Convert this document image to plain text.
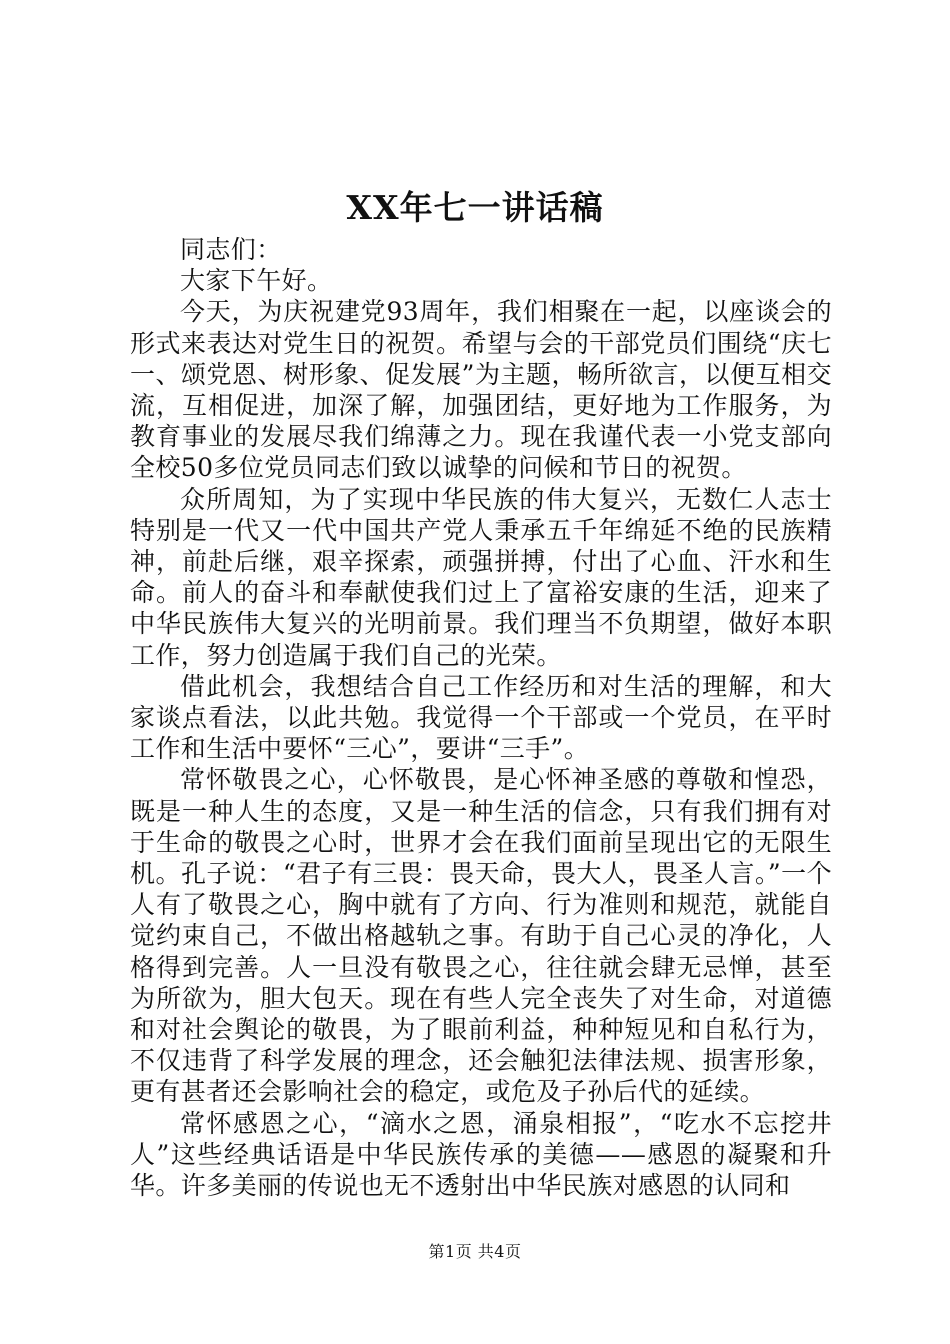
XX年七一讲话稿

同志们：

大家下午好。

今天，为庆祝建党93周年，我们相聚在一起，以座谈会的形式来表达对党生日的祝贺。希望与会的干部党员们围绕“庆七一、颂党恩、树形象、促发展”为主题，畅所欲言，以便互相交流，互相促进，加深了解，加强团结，更好地为工作服务，为教育事业的发展尽我们绵薄之力。现在我谨代表一小党支部向全校50多位党员同志们致以诚挚的问候和节日的祝贺。

众所周知，为了实现中华民族的伟大复兴，无数仁人志士特别是一代又一代中国共产党人秉承五千年绵延不绝的民族精神，前赴后继，艰辛探索，顽强拼搏，付出了心血、汗水和生命。前人的奋斗和奉献使我们过上了富裕安康的生活，迎来了中华民族伟大复兴的光明前景。我们理当不负期望，做好本职工作，努力创造属于我们自己的光荣。

借此机会，我想结合自己工作经历和对生活的理解，和大家谈点看法，以此共勉。我觉得一个干部或一个党员，在平时工作和生活中要怀“三心”，要讲“三手”。

常怀敬畏之心，心怀敬畏，是心怀神圣感的尊敬和惶恐，既是一种人生的态度，又是一种生活的信念，只有我们拥有对于生命的敬畏之心时，世界才会在我们面前呈现出它的无限生机。孔子说：“君子有三畏：畏天命，畏大人，畏圣人言。”一个人有了敬畏之心，胸中就有了方向、行为准则和规范，就能自觉约束自己，不做出格越轨之事。有助于自己心灵的净化，人格得到完善。人一旦没有敬畏之心，往往就会肆无忌惮，甚至为所欲为，胆大包天。现在有些人完全丧失了对生命，对道德和对社会舆论的敬畏，为了眼前利益，种种短见和自私行为，不仅违背了科学发展的理念，还会触犯法律法规、损害形象，更有甚者还会影响社会的稳定，或危及子孙后代的延续。

常怀感恩之心，“滴水之恩，涌泉相报”，“吃水不忘挖井人”这些经典话语是中华民族传承的美德——感恩的凝聚和升华。许多美丽的传说也无不透射出中华民族对感恩的认同和

第1页 共4页
